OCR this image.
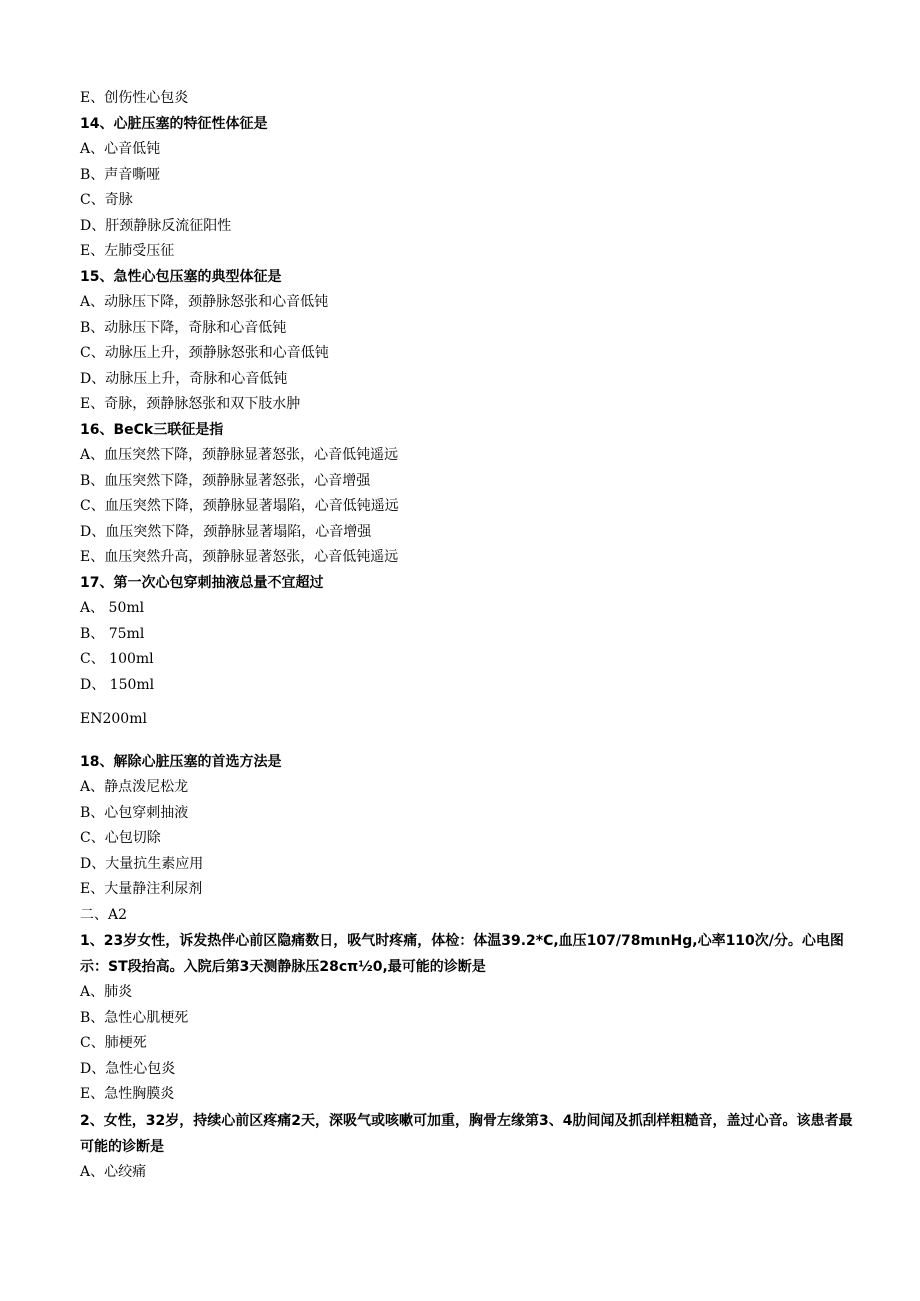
E、创伤性心包炎
14、心脏压塞的特征性体征是
A、心音低钝
B、声音嘶哑
C、奇脉
D、肝颈静脉反流征阳性
E、左肺受压征
15、急性心包压塞的典型体征是
A、动脉压下降，颈静脉怒张和心音低钝
B、动脉压下降，奇脉和心音低钝
C、动脉压上升，颈静脉怒张和心音低钝
D、动脉压上升，奇脉和心音低钝
E、奇脉，颈静脉怒张和双下肢水肿
16、BeCk三联征是指
A、血压突然下降，颈静脉显著怒张，心音低钝遥远
B、血压突然下降，颈静脉显著怒张，心音增强
C、血压突然下降，颈静脉显著塌陷，心音低钝遥远
D、血压突然下降，颈静脉显著塌陷，心音增强
E、血压突然升高，颈静脉显著怒张，心音低钝遥远
17、第一次心包穿刺抽液总量不宜超过
A、 50ml
B、 75ml
C、 100ml
D、 150ml
EN200ml
18、解除心脏压塞的首选方法是
A、静点泼尼松龙
B、心包穿刺抽液
C、心包切除
D、大量抗生素应用
E、大量静注利尿剂
二、A2
1、23岁女性，诉发热伴心前区隐痛数日，吸气时疼痛，体检：体温39.2*C,血压107/78mιnHg,心率110次/分。心电图示：ST段抬高。入院后第3天测静脉压28cπ½0,最可能的诊断是
A、肺炎
B、急性心肌梗死
C、肺梗死
D、急性心包炎
E、急性胸膜炎
2、女性，32岁，持续心前区疼痛2天，深吸气或咳嗽可加重，胸骨左缘第3、4肋间闻及抓刮样粗糙音，盖过心音。该患者最可能的诊断是
A、心绞痛
